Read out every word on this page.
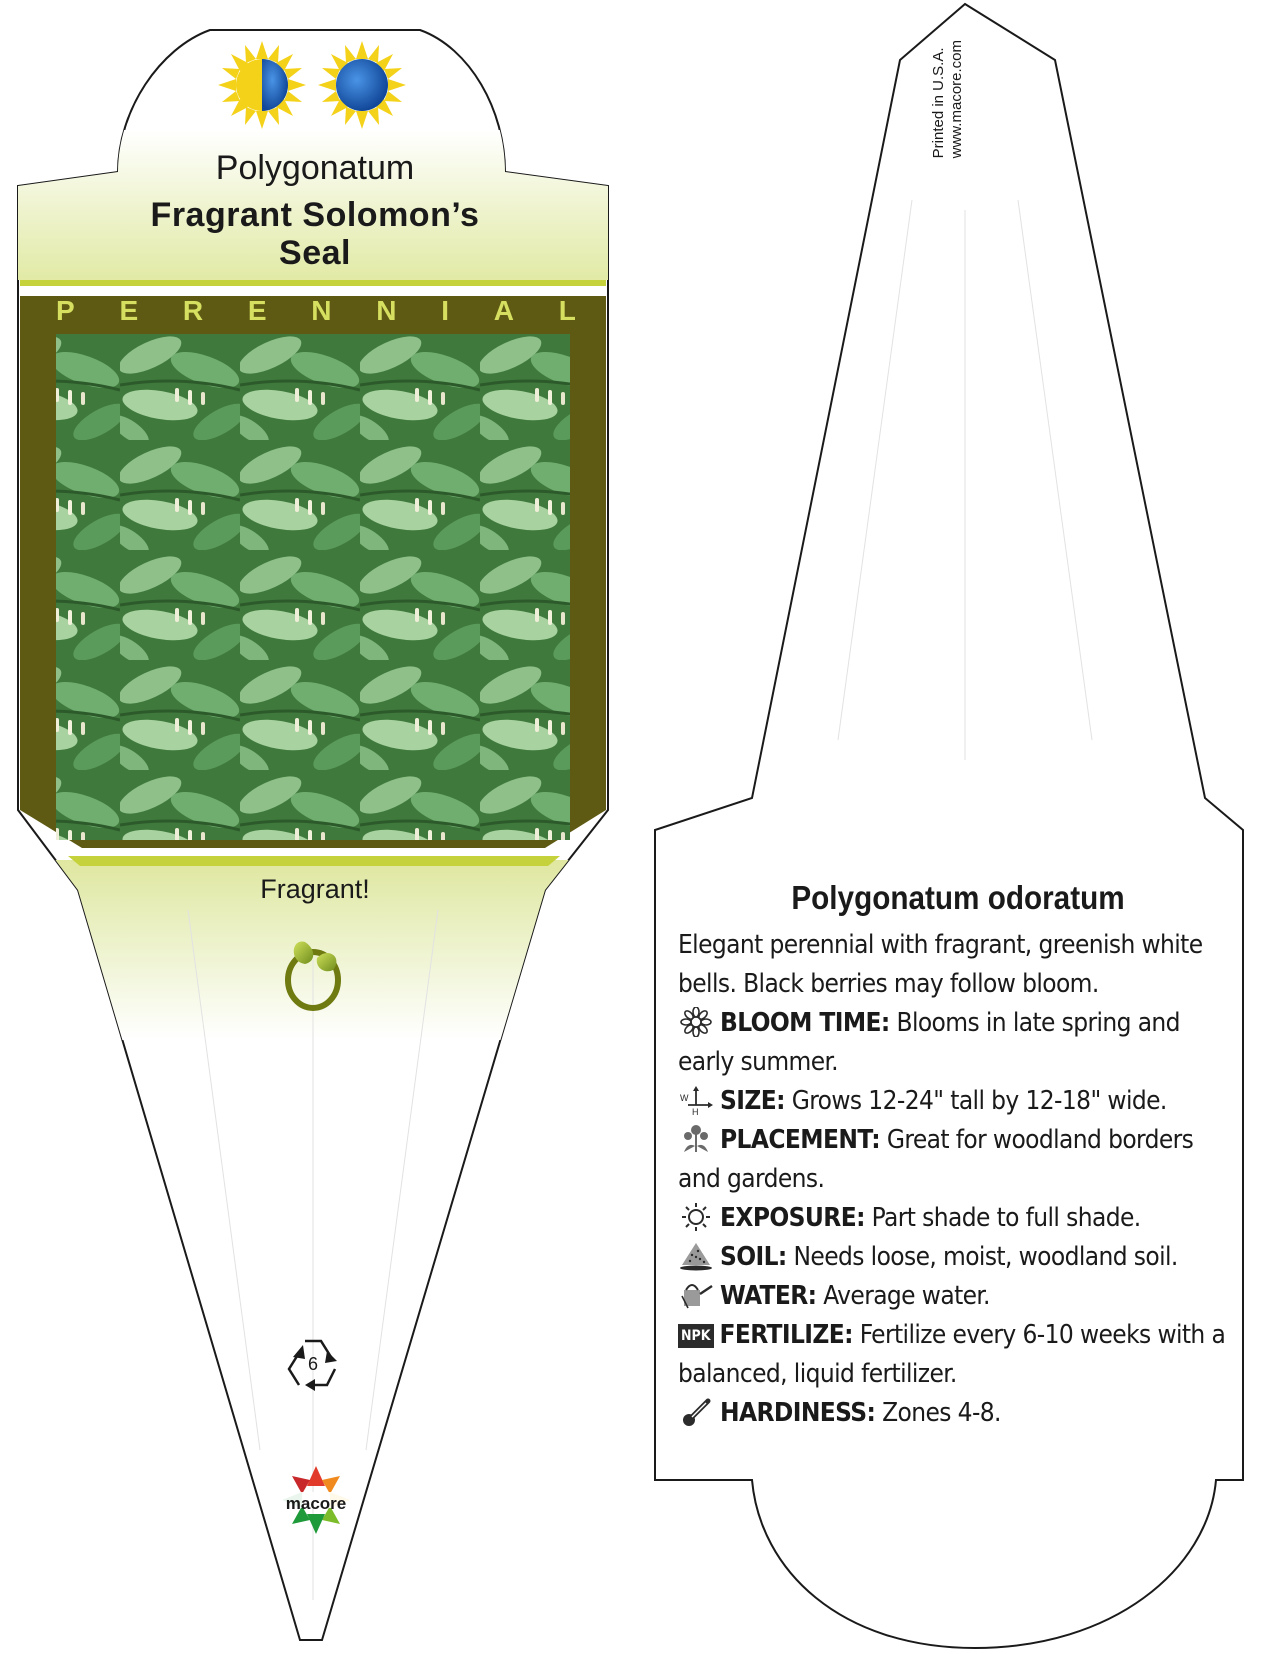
Polygonatum
Fragrant Solomon’s
Seal
P E R E N N I A L
Fragrant!
6
macore
Printed in U.S.A. www.macore.com
Polygonatum odoratum
Elegant perennial with fragrant, greenish white bells. Black berries may follow bloom.
BLOOM TIME: Blooms in late spring and early summer.
W
H SIZE: Grows 12-24" tall by 12-18" wide.
PLACEMENT: Great for woodland borders and gardens.
EXPOSURE: Part shade to full shade.
SOIL: Needs loose, moist, woodland soil.
WATER: Average water.
NPK FERTILIZE: Fertilize every 6-10 weeks with a balanced, liquid fertilizer.
HARDINESS: Zones 4-8.
